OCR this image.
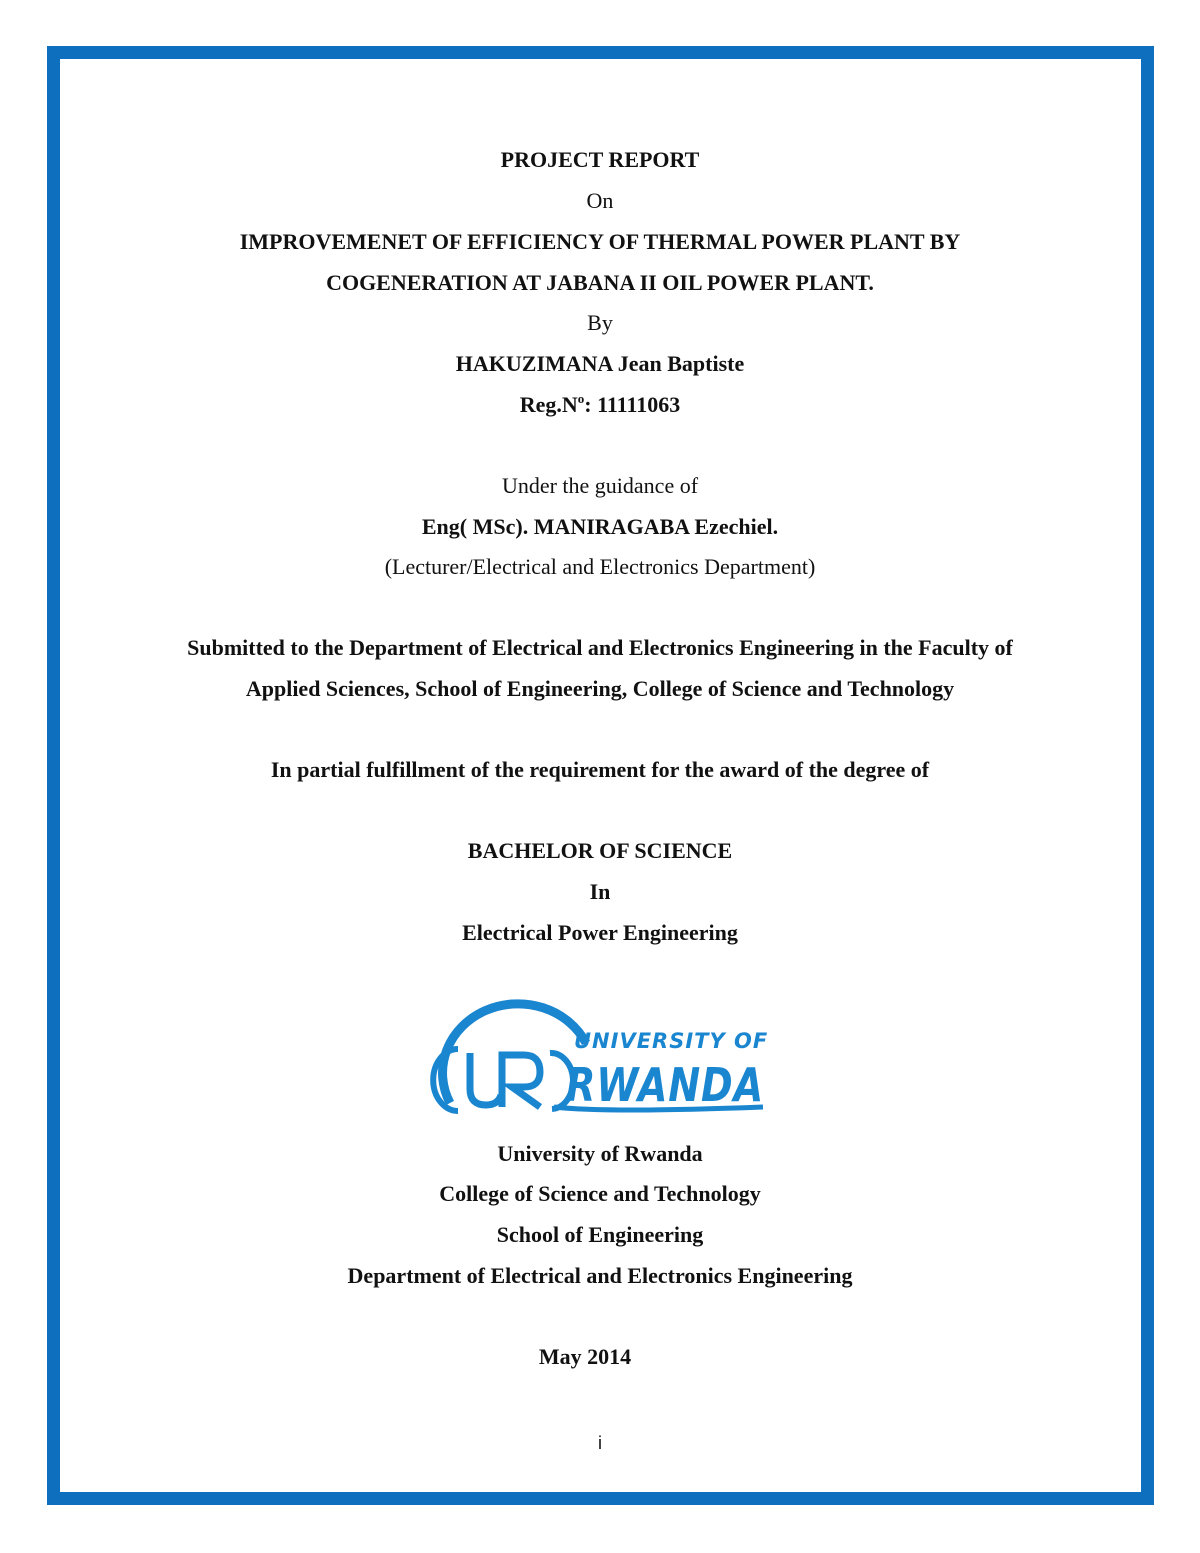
PROJECT REPORT
On
IMPROVEMENET OF EFFICIENCY OF THERMAL POWER PLANT BY
COGENERATION AT JABANA II OIL POWER PLANT.
By
HAKUZIMANA Jean Baptiste
$Reg.N^o$: 11111063
Under the guidance of
Eng( MSc). MANIRAGABA Ezechiel.
(Lecturer/Electrical and Electronics Department)
Submitted to the Department of Electrical and Electronics Engineering in the Faculty of
Applied Sciences, School of Engineering, College of Science and Technology
In partial fulfillment of the requirement for the award of the degree of
BACHELOR OF SCIENCE
In
Electrical Power Engineering
UNIVERSITY OF
RWANDA
University of Rwanda
College of Science and Technology
School of Engineering
Department of Electrical and Electronics Engineering
May 2014
i
